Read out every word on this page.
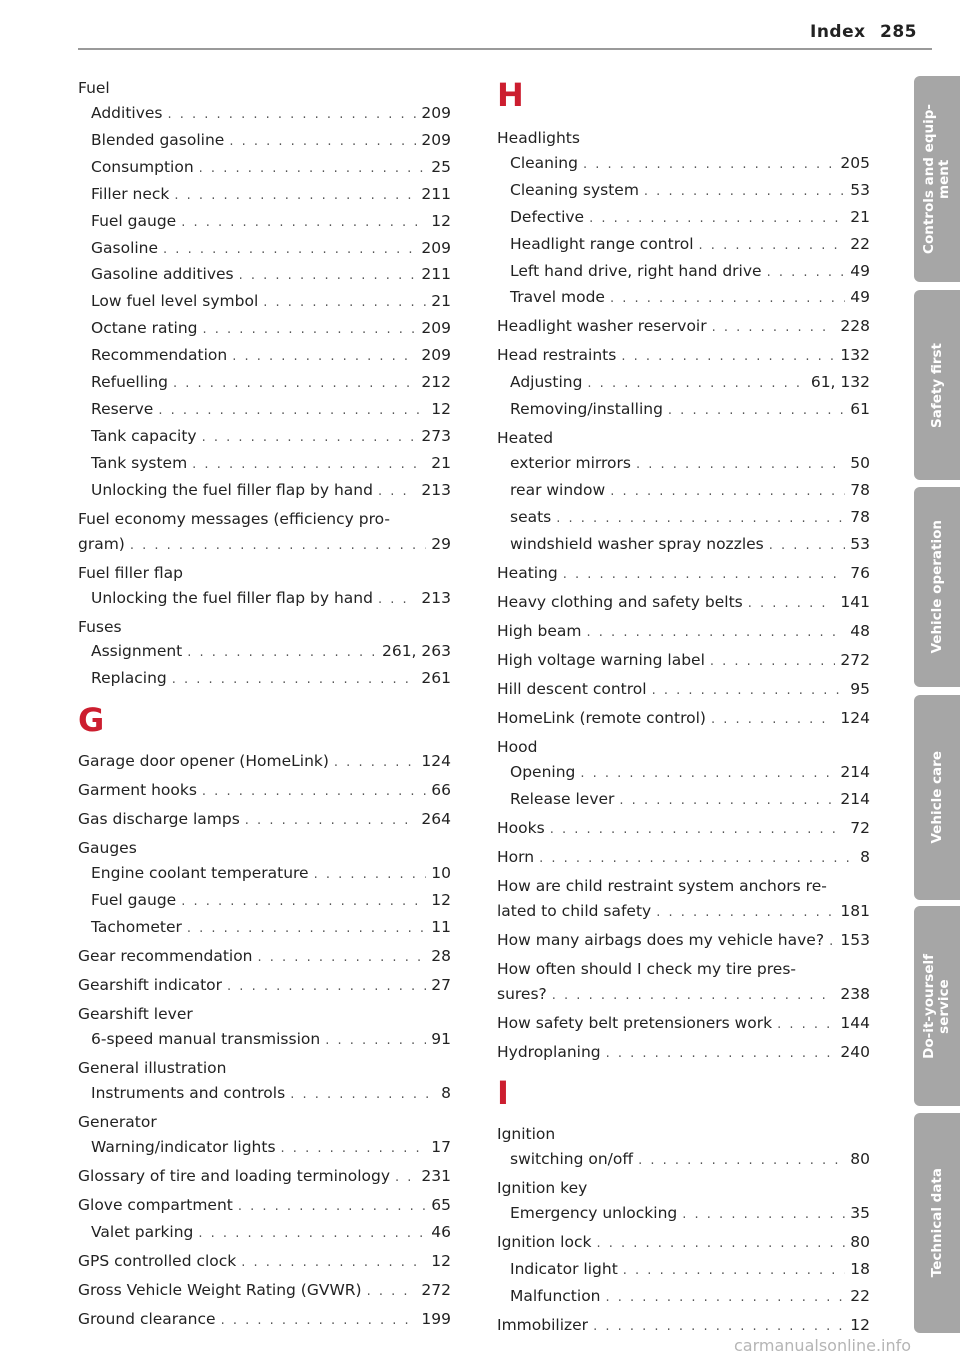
Index 285
Fuel
Additives . . .	209
Blended gasoline . . .	209
Consumption . . .	25
Filler neck . . .	211
Fuel gauge . . .	12
Gasoline . . .	209
Gasoline additives . . .	211
Low fuel level symbol . . .	21
Octane rating . . .	209
Recommendation . . .	209
Refuelling . . .	212
Reserve . . .	12
Tank capacity . . .	273
Tank system . . .	21
Unlocking the fuel filler flap by hand . . .	213
Fuel economy messages (efficiency pro-
gram) . . .	29
Fuel filler flap
Unlocking the fuel filler flap by hand . . .	213
Fuses
Assignment . . .	261, 263
Replacing . . .	261
G
Garage door opener (HomeLink) . . .	124
Garment hooks . . .	66
Gas discharge lamps . . .	264
Gauges
Engine coolant temperature . . .	10
Fuel gauge . . .	12
Tachometer . . .	11
Gear recommendation . . .	28
Gearshift indicator . . .	27
Gearshift lever
6-speed manual transmission . . .	91
General illustration
Instruments and controls . . .	8
Generator
Warning/indicator lights . . .	17
Glossary of tire and loading terminology . . . 231
Glove compartment . . .	65
Valet parking . . .	46
GPS controlled clock . . .	12
Gross Vehicle Weight Rating (GVWR) . . .	272
Ground clearance . . .	199
H
Headlights
Cleaning . . .	205
Cleaning system . . .	53
Defective . . .	21
Headlight range control . . .	22
Left hand drive, right hand drive . . .	49
Travel mode . . .	49
Headlight washer reservoir . . .	228
Head restraints . . .	132
Adjusting . . .	61, 132
Removing/installing . . .	61
Heated
exterior mirrors . . .	50
rear window . . .	78
seats . . .	78
windshield washer spray nozzles . . .	53
Heating . . .	76
Heavy clothing and safety belts . . .	141
High beam . . .	48
High voltage warning label . . .	272
Hill descent control . . .	95
HomeLink (remote control) . . .	124
Hood
Opening . . .	214
Release lever . . .	214
Hooks . . .	72
Horn . . .	8
How are child restraint system anchors re-
lated to child safety . . .	181
How many airbags does my vehicle have? . . . 153
How often should I check my tire pres-
sures? . . .	238
How safety belt pretensioners work . . .	144
Hydroplaning . . .	240
I
Ignition
switching on/off . . .	80
Ignition key
Emergency unlocking . . .	35
Ignition lock . . .	80
Indicator light . . .	18
Malfunction . . .	22
Immobilizer . . .	12
Controls and equip-
ment
Safety first
Vehicle operation
Vehicle care
Do-it-yourself
service
Technical data
carmanualsonline.info
